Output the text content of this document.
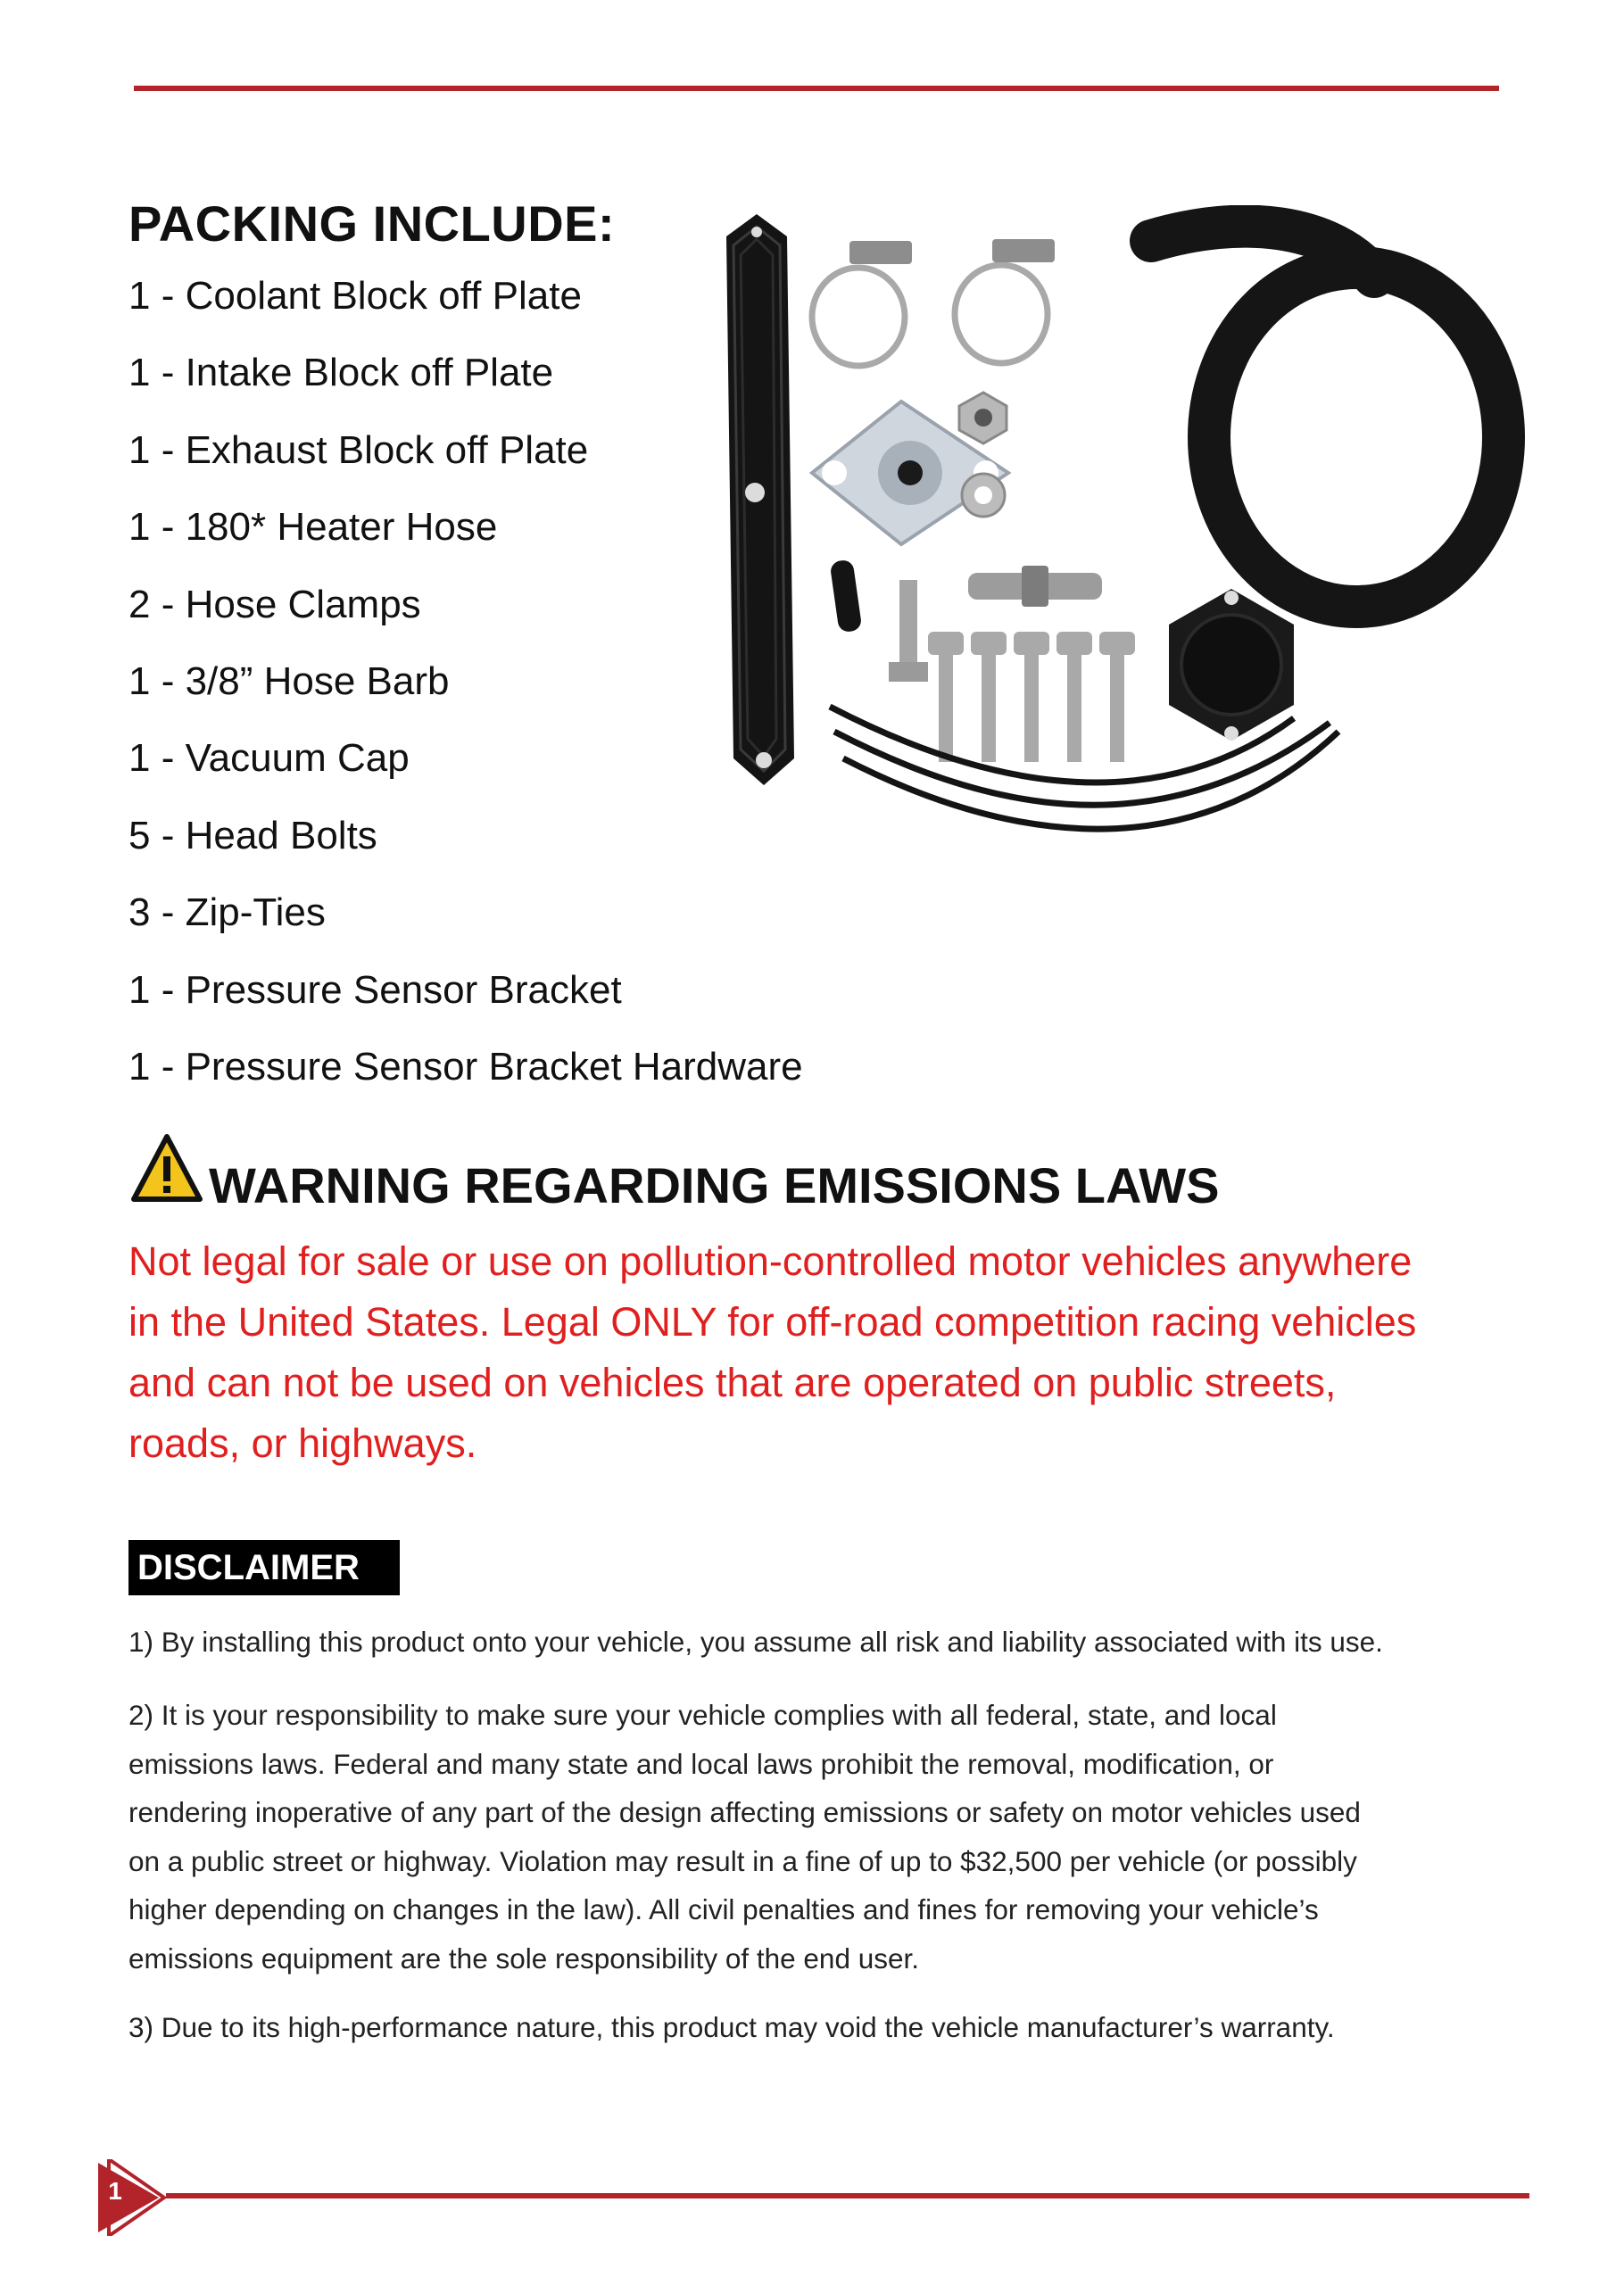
PACKING INCLUDE:
1 - Coolant Block off Plate
1 - Intake Block off Plate
1 - Exhaust Block off Plate
1 - 180* Heater Hose
2 - Hose Clamps
1 - 3/8” Hose Barb
1 - Vacuum Cap
5 - Head Bolts
3 - Zip-Ties
1 - Pressure Sensor Bracket
1 - Pressure Sensor Bracket Hardware
WARNING REGARDING EMISSIONS LAWS
Not legal for sale or use on pollution-controlled motor vehicles anywhere
in the United States. Legal ONLY for off-road competition racing vehicles
and can not be used on vehicles that are operated on public streets,
roads, or highways.
DISCLAIMER
1) By installing this product onto your vehicle, you assume all risk and liability associated with its use.
2) It is your responsibility to make sure your vehicle complies with all federal, state, and local
emissions laws. Federal and many state and local laws prohibit the removal, modification, or
rendering inoperative of any part of the design affecting emissions or safety on motor vehicles used
on a public street or highway. Violation may result in a fine of up to $32,500 per vehicle (or possibly
higher depending on changes in the law). All civil penalties and fines for removing your vehicle’s
emissions equipment are the sole responsibility of the end user.
3) Due to its high-performance nature, this product may void the vehicle manufacturer’s warranty.
1
